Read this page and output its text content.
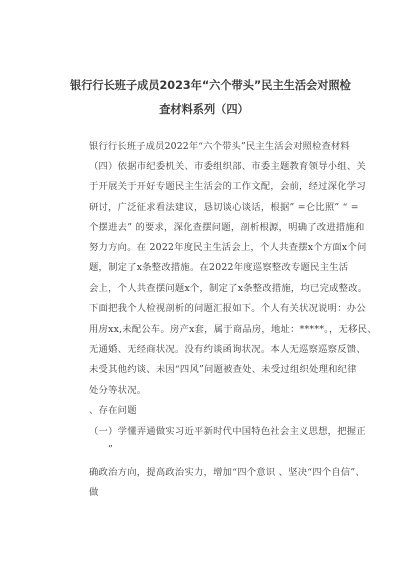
银行行长班子成员2023年“六个带头”民主生活会对照检
查材料系列（四）
银行行长班子成员2022年“六个带头”民主生活会对照检查材料
（四）依据市纪委机关、市委组织部、市委主题教育领导小组、关
于开展关于开好专题民主生活会的工作文配，会前，经过深化学习
研讨，广泛征求看法建议，恳切谈心谈话，根据” =仑比照” “ =
个摆进去” 的要求，深化查摆问题，剖析根源，明确了改进措施和
努力方向。在 2022年度民主生活会上，个人共查摆x个方面x个问
题，制定了x条整改措施。在2022年度巡察整改专题民主生活
会上，个人共查摆问题x个，制定了x条整改措施，均已完成整改。
下面把我个人检视剖析的问题汇报如下。个人有关状况说明：办公
用房xx,未配公车。房产x套，属于商品房，地址：*****。，无移民、
无通婚、无经商状况。没有约谈函询状况。本人无巡察巡察反馈、
未受其他约谈、未因“四风”问题被查处、未受过组织处理和纪律
处分等状况。
、存在问题
（一）学懂弄通做实习近平新时代中国特色社会主义思想，把握正
”
确政治方向，提高政治实力，增加“四个意识 、坚决“四个自信”、
做
